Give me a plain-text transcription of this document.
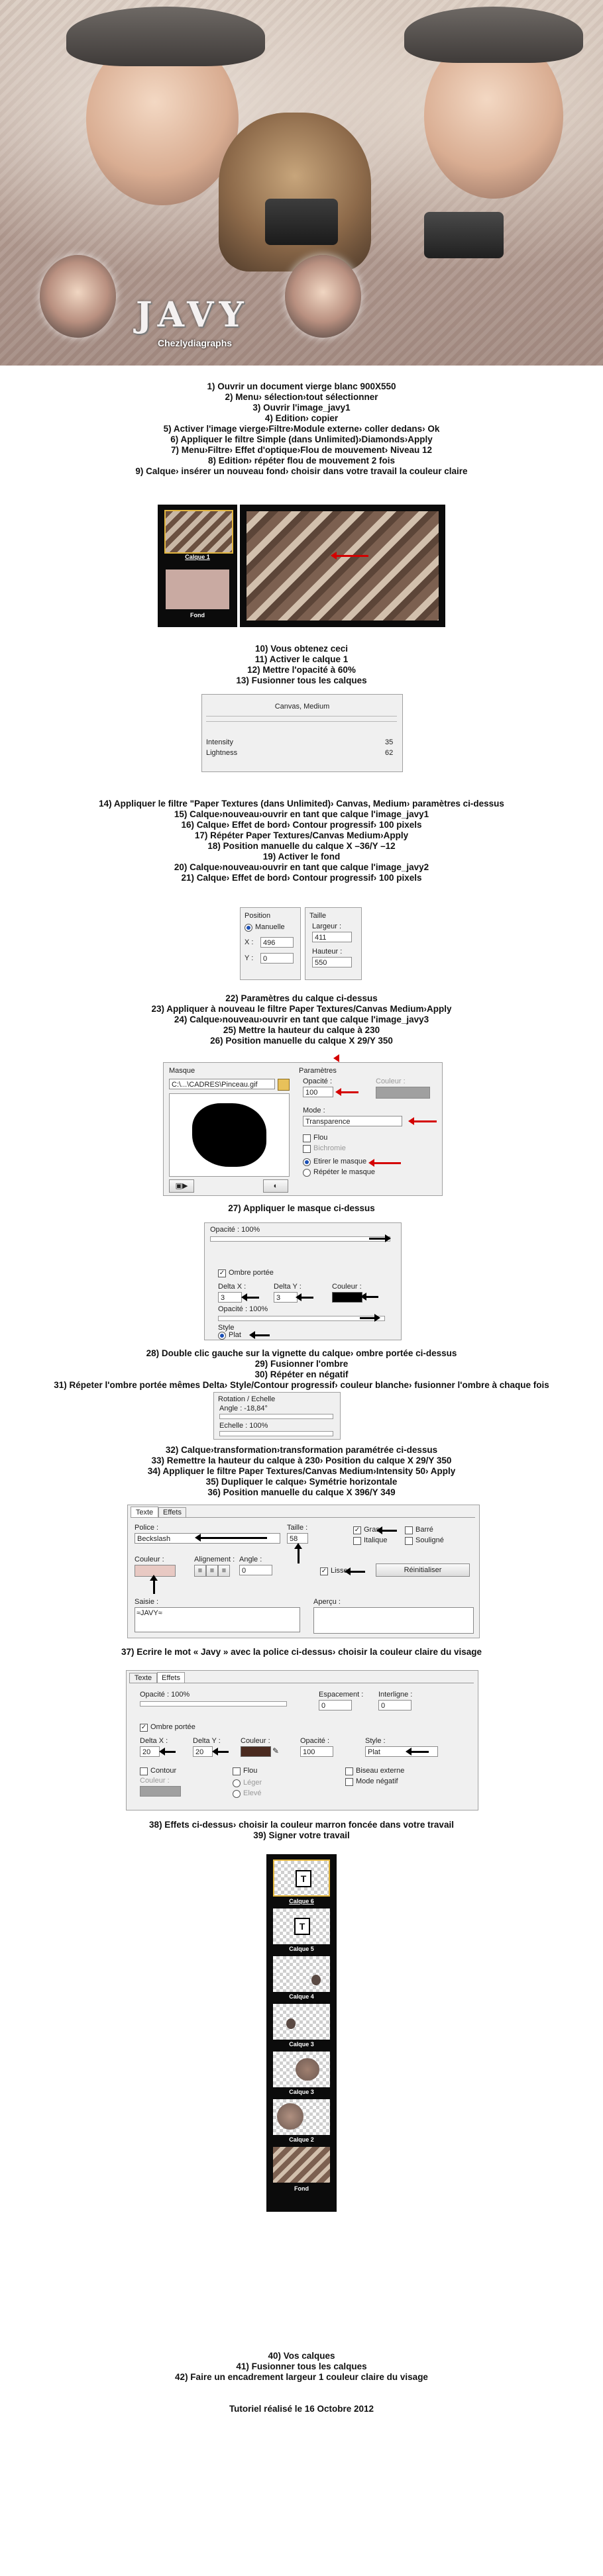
JAVY
Chezlydiagraphs
1) Ouvrir un document vierge blanc 900X550
2) Menu› sélection›tout sélectionner
3) Ouvrir l'image_javy1
4) Edition› copier
5) Activer l'image vierge›Filtre›Module externe› coller dedans› Ok
6) Appliquer le filtre Simple (dans Unlimited)›Diamonds›Apply
7) Menu›Filtre› Effet d'optique›Flou de mouvement› Niveau 12
8) Edition› répéter flou de mouvement 2 fois
9) Calque› insérer un nouveau fond› choisir dans votre travail la couleur claire
Calque 1
Fond
10) Vous obtenez ceci
11) Activer le calque 1
12) Mettre l'opacité à 60%
13) Fusionner tous les calques
Canvas, Medium
Intensity	35
Lightness	62
14) Appliquer le filtre "Paper Textures (dans Unlimited)› Canvas, Medium› paramètres ci-dessus
15) Calque›nouveau›ouvrir en tant que calque l'image_javy1
16) Calque› Effet de bord› Contour progressif› 100 pixels
17) Répéter Paper Textures/Canvas Medium›Apply
18) Position manuelle du calque X –36/Y –12
19) Activer le fond
20) Calque›nouveau›ouvrir en tant que calque l'image_javy2
21) Calque› Effet de bord› Contour progressif› 100 pixels
Position
Manuelle
X :	496
Y :	0
Taille
Largeur :
411
Hauteur :
550
22) Paramètres du calque ci-dessus
23) Appliquer à nouveau le filtre Paper Textures/Canvas Medium›Apply
24) Calque›nouveau›ouvrir en tant que calque l'image_javy3
25) Mettre la hauteur du calque à 230
26) Position manuelle du calque X 29/Y 350
Masque
C:\...\CADRES\Pinceau.gif
▣▶	◐
Paramètres
Opacité :
100
Couleur :
Mode :
Transparence
Flou
Bichromie
Etirer le masque
Répéter le masque
27) Appliquer le masque ci-dessus
Opacité : 100%
✓ Ombre portée
Delta X :
3
Delta Y :
3
Couleur :
Opacité : 100%
Style
Plat
28) Double clic gauche sur la vignette du calque› ombre portée ci-dessus
29) Fusionner l'ombre
30) Répéter en négatif
31) Répeter l'ombre portée mêmes Delta› Style/Contour progressif› couleur blanche› fusionner l'ombre à chaque fois
Rotation / Echelle
Angle : -18,84°
Echelle : 100%
32) Calque›transformation›transformation paramétrée ci-dessus
33) Remettre la hauteur du calque à 230› Position du calque X 29/Y 350
34) Appliquer le filtre Paper Textures/Canvas Medium›Intensity 50› Apply
35) Dupliquer le calque› Symétrie horizontale
36) Position manuelle du calque X 396/Y 349
Texte	Effets
Police :
Beckslash
Taille :
58
✓ Gras
Italique
Barré
Souligné
Couleur :	Alignement :
≡	≡	≡
Angle :
0	✓ Lisser	Réinitialiser
Saisie :
≈JAVY≈
Aperçu :
37) Ecrire le mot « Javy » avec la police ci-dessus› choisir la couleur claire du visage
Texte	Effets
Opacité : 100%	Espacement :
0
Interligne :
0
✓ Ombre portée
Delta X :
20
Delta Y :
20
Couleur :
✎
Opacité :
100
Style :
Plat
Contour
Couleur :
Flou
Léger
Elevé
Biseau externe
Mode négatif
38) Effets ci-dessus› choisir la couleur marron foncée dans votre travail
39) Signer votre travail
T
Calque 6
T
Calque 5
Calque 4
Calque 3
Calque 3
Calque 2
Fond
40) Vos calques
41) Fusionner tous les calques
42) Faire un encadrement largeur 1 couleur claire du visage
Tutoriel réalisé le 16 Octobre 2012
